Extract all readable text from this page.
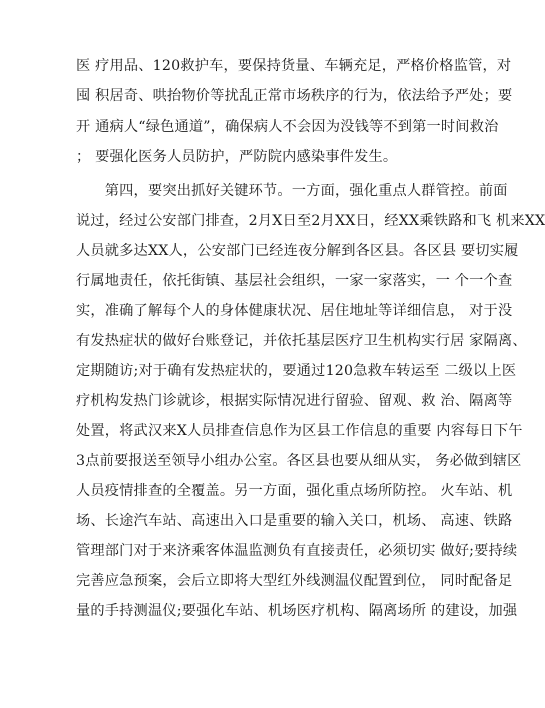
医 疗用品、120救护车，要保持货量、车辆充足，严格价格监管，对
囤 积居奇、哄抬物价等扰乱正常市场秩序的行为，依法给予严处；要
开 通病人“绿色通道”，确保病人不会因为没钱等不到第一时间救治
； 要强化医务人员防护，严防院内感染事件发生。
　　第四，要突出抓好关键环节。一方面，强化重点人群管控。前面
说过，经过公安部门排查，2月X日至2月XX日，经XX乘铁路和飞 机来XX
人员就多达XX人，公安部门已经连夜分解到各区县。各区县 要切实履
行属地责任，依托街镇、基层社会组织，一家一家落实，一 个一个查
实，准确了解每个人的身体健康状况、居住地址等详细信息， 对于没
有发热症状的做好台账登记，并依托基层医疗卫生机构实行居 家隔离、
定期随访;对于确有发热症状的，要通过120急救车转运至 二级以上医
疗机构发热门诊就诊，根据实际情况进行留验、留观、救 治、隔离等
处置，将武汉来X人员排查信息作为区县工作信息的重要 内容每日下午
3点前要报送至领导小组办公室。各区县也要从细从实， 务必做到辖区
人员疫情排查的全覆盖。另一方面，强化重点场所防控。 火车站、机
场、长途汽车站、高速出入口是重要的输入关口，机场、 高速、铁路
管理部门对于来济乘客体温监测负有直接责任，必须切实 做好;要持续
完善应急预案，会后立即将大型红外线测温仪配置到位， 同时配备足
量的手持测温仪;要强化车站、机场医疗机构、隔离场所 的建设，加强
